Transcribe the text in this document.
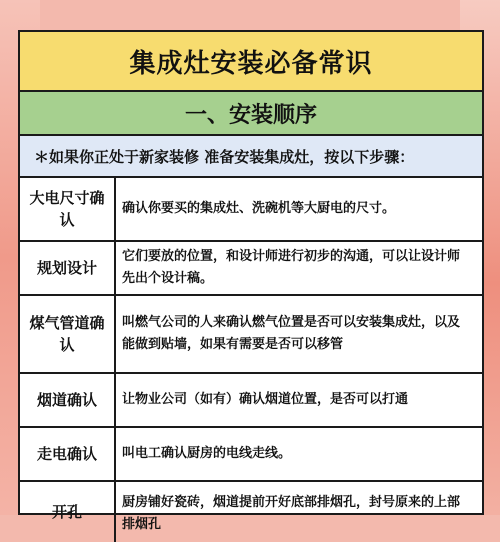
集成灶安装必备常识
一、安装顺序
＊如果你正处于新家装修 准备安装集成灶，按以下步骤：
大电尺寸确认
确认你要买的集成灶、洗碗机等大厨电的尺寸。
规划设计
它们要放的位置，和设计师进行初步的沟通，可以让设计师先出个设计稿。
煤气管道确认
叫燃气公司的人来确认燃气位置是否可以安装集成灶，以及能做到贴墙，如果有需要是否可以移管
烟道确认	让物业公司（如有）确认烟道位置，是否可以打通
走电确认	叫电工确认厨房的电线走线。
开孔
厨房铺好瓷砖，烟道提前开好底部排烟孔，封号原来的上部排烟孔
